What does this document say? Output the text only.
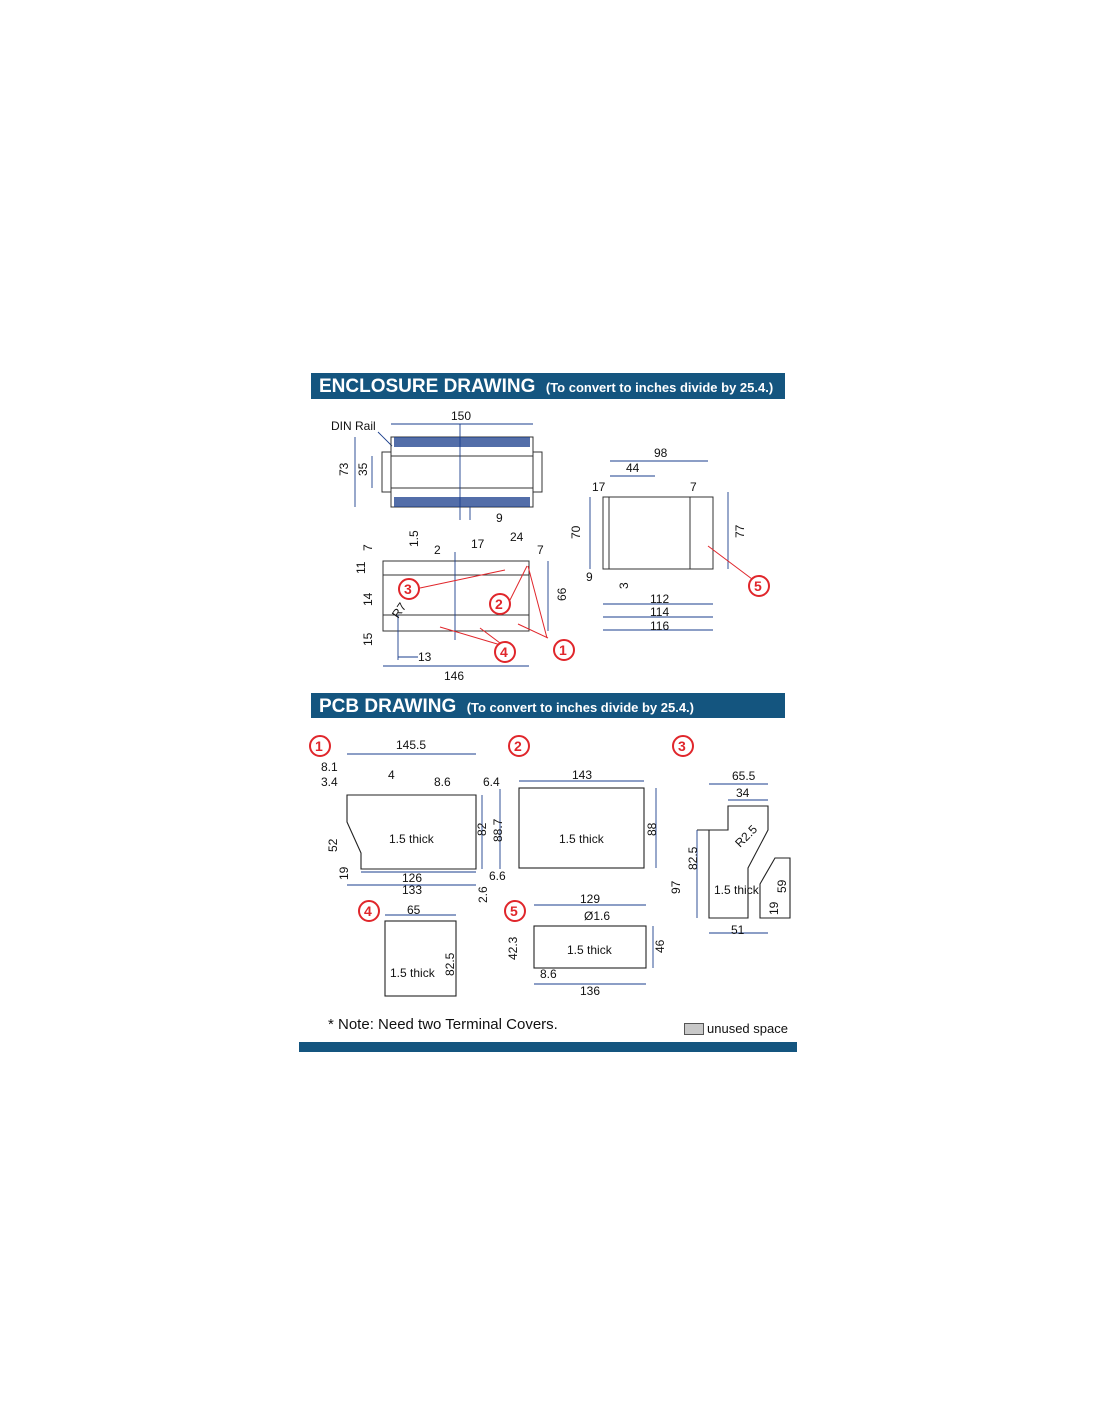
ENCLOSURE DRAWING (To convert to inches divide by 25.4.)
PCB DRAWING (To convert to inches divide by 25.4.)
DIN Rail
150
73 35
9
7
11
14
15
1.5
2	17 24
7
13
146
66
R7
98
44
17	7
70	77
9
3
112
114
116
1
2
3
4
5
1	145.5
8.1
3.4	4	8.6	6.4
1.5 thick
82 88.7
52
19	126
133
6.6
2.6
2
143
1.5 thick
88
3
65.5
34
R2.5
82.5
97	1.5 thick 59
19
51
4	65
1.5 thick 82.5
5
129
Ø1.6
42.3	1.5 thick	46
8.6
136
* Note: Need two Terminal Covers.	unused space
